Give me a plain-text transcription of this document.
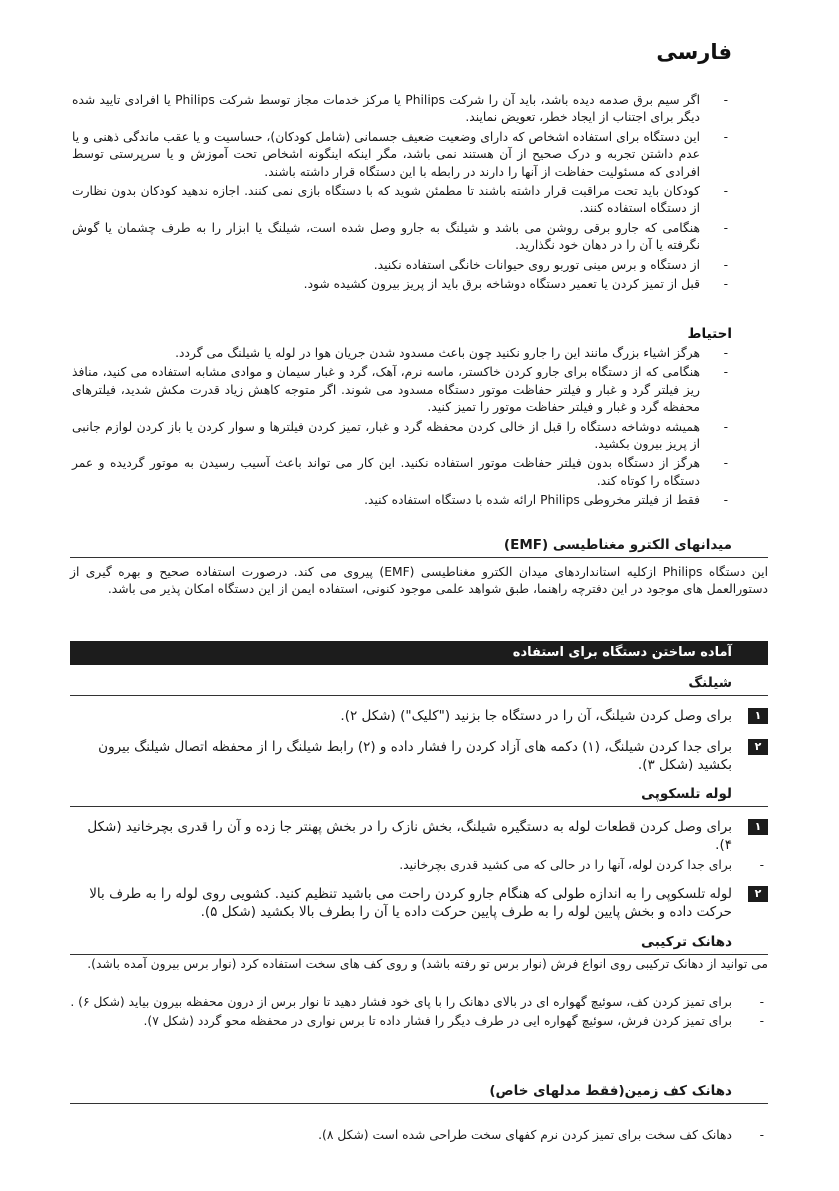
فارسی
- اگر سیم برق صدمه دیده باشد، باید آن را شرکت Philips یا مرکز خدمات مجاز توسط شرکت Philips یا افرادی تایید شده دیگر برای اجتناب از ایجاد خطر، تعویض نمایند.
- این دستگاه برای استفاده اشخاص که دارای وضعیت ضعیف جسمانی (شامل کودکان)، حساسیت و یا عقب ماندگی ذهنی و یا عدم داشتن تجربه و درک صحیح از آن هستند نمی باشد، مگر اینکه اینگونه اشخاص تحت آموزش و یا سرپرستی توسط افرادی که مسئولیت حفاظت از آنها را دارند در رابطه با این دستگاه قرار داشته باشند.
- کودکان باید تحت مراقبت قرار داشته باشند تا مطمئن شوید که با دستگاه بازی نمی کنند. اجازه ندهید کودکان بدون نظارت از دستگاه استفاده کنند.
- هنگامی که جارو برقی روشن می باشد و شیلنگ به جارو وصل شده است، شیلنگ یا ابزار را به طرف چشمان یا گوش نگرفته یا آن را در دهان خود نگذارید.
- از دستگاه و برس مینی توربو روی حیوانات خانگی استفاده نکنید.
- قبل از تمیز کردن یا تعمیر دستگاه دوشاخه برق باید از پریز بیرون کشیده شود.
احتیاط
- هرگز اشیاء بزرگ مانند این را جارو نکنید چون باعث مسدود شدن جریان هوا در لوله یا شیلنگ می گردد.
- هنگامی که از دستگاه برای جارو کردن خاکستر، ماسه نرم، آهک، گرد و غبار سیمان و موادی مشابه استفاده می کنید، منافذ ریز فیلتر گرد و غبار و فیلتر حفاظت موتور دستگاه مسدود می شوند. اگر متوجه کاهش زیاد قدرت مکش شدید، فیلترهای محفظه گرد و غبار و فیلتر حفاظت موتور را تمیز کنید.
- همیشه دوشاخه دستگاه را قبل از خالی کردن محفظه گرد و غبار، تمیز کردن فیلترها و سوار کردن یا باز کردن لوازم جانبی از پریز بیرون بکشید.
- هرگز از دستگاه بدون فیلتر حفاظت موتور استفاده نکنید. این کار می تواند باعث آسیب رسیدن به موتور گردیده و عمر دستگاه را کوتاه کند.
- فقط از فیلتر مخروطی Philips ارائه شده با دستگاه استفاده کنید.
میدانهای الکترو مغناطیسی (EMF)

این دستگاه Philips ازکلیه استانداردهای میدان الکترو مغناطیسی (EMF) پیروی می کند. درصورت استفاده صحیح و بهره گیری از دستورالعمل های موجود در این دفترچه راهنما، طبق شواهد علمی موجود کنونی، استفاده ایمن از این دستگاه امکان پذیر می باشد.

آماده ساختن دستگاه برای استفاده
شیلنگ
۱
برای وصل کردن شیلنگ، آن را در دستگاه جا بزنید ("کلیک") (شکل ۲).
۲
برای جدا کردن شیلنگ، (۱) دکمه های آزاد کردن را فشار داده و (۲) رابط شیلنگ را از محفظه اتصال شیلنگ بیرون بکشید (شکل ۳).
لوله تلسکوپی
۱
برای وصل کردن قطعات لوله به دستگیره شیلنگ، بخش نازک را در بخش پهنتر جا زده و آن را قدری بچرخانید (شکل ۴).
- برای جدا کردن لوله، آنها را در حالی که می کشید قدری بچرخانید.
۲
لوله تلسکوپی را به اندازه طولی که هنگام جارو کردن راحت می باشید تنظیم کنید. کشویی روی لوله را به طرف بالا حرکت داده و بخش پایین لوله را به طرف پایین حرکت داده یا آن را بطرف بالا بکشید (شکل ۵).
دهانک ترکیبی

می توانید از دهانک ترکیبی روی انواع فرش (نوار برس تو رفته باشد) و روی کف های سخت استفاده کرد (نوار برس بیرون آمده باشد).

- برای تمیز کردن کف، سوئیچ گهواره ای در بالای دهانک را با پای خود فشار دهید تا نوار برس از درون محفظه بیرون بیاید (شکل ۶) .
- برای تمیز کردن فرش، سوئیچ گهواره ایی در طرف دیگر را فشار داده تا برس نواری در محفظه محو گردد (شکل ۷).
دهانک کف زمین(فقط مدلهای خاص)
- دهانک کف سخت برای تمیز کردن نرم کفهای سخت طراحی شده است (شکل ۸).
